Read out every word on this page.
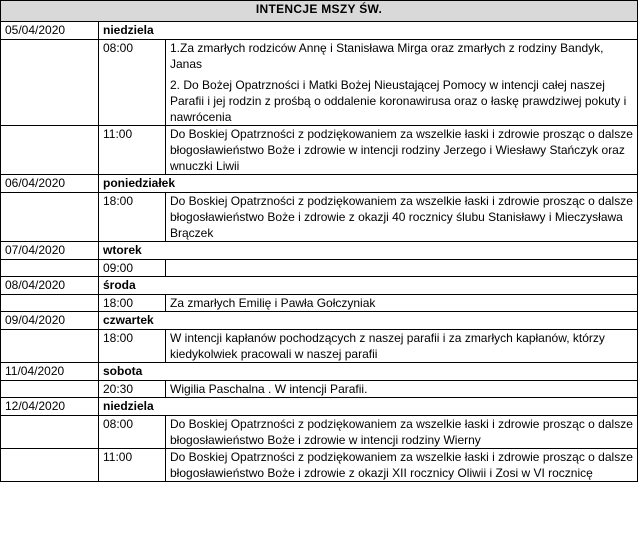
INTENCJE MSZY ŚW.		
05/04/2020	niedziela	
	08:00	1.Za zmarłych rodziców Annę i Stanisława Mirga oraz zmarłych z rodziny Bandyk, Janas

2. Do Bożej Opatrzności i Matki Bożej Nieustającej Pomocy w intencji całej naszej Parafii i jej rodzin z prośbą o oddalenie koronawirusa oraz o łaskę prawdziwej pokuty i nawrócenia

	11:00	Do Boskiej Opatrzności z podziękowaniem za wszelkie łaski i zdrowie prosząc o dalsze błogosławieństwo Boże i zdrowie w intencji rodziny Jerzego i Wiesławy Stańczyk oraz wnuczki Liwii

06/04/2020	poniedziałek	
	18:00	Do Boskiej Opatrzności z podziękowaniem za wszelkie łaski i zdrowie prosząc o dalsze błogosławieństwo Boże i zdrowie z okazji 40 rocznicy ślubu Stanisławy i Mieczysława Brączek

07/04/2020	wtorek	
	09:00	

08/04/2020	środa	
	18:00	Za zmarłych Emilię i Pawła Gołczyniak

09/04/2020	czwartek	
	18:00	W intencji kapłanów pochodzących z naszej parafii i za zmarłych kapłanów, którzy kiedykolwiek pracowali w naszej parafii

11/04/2020	sobota	
	20:30	Wigilia Paschalna . W intencji Parafii.

12/04/2020	niedziela	
	08:00	Do Boskiej Opatrzności z podziękowaniem za wszelkie łaski i zdrowie prosząc o dalsze błogosławieństwo Boże i zdrowie w intencji rodziny Wierny

	11:00	Do Boskiej Opatrzności z podziękowaniem za wszelkie łaski i zdrowie prosząc o dalsze błogosławieństwo Boże i zdrowie z okazji XII rocznicy Oliwii i Zosi w VI rocznicę
